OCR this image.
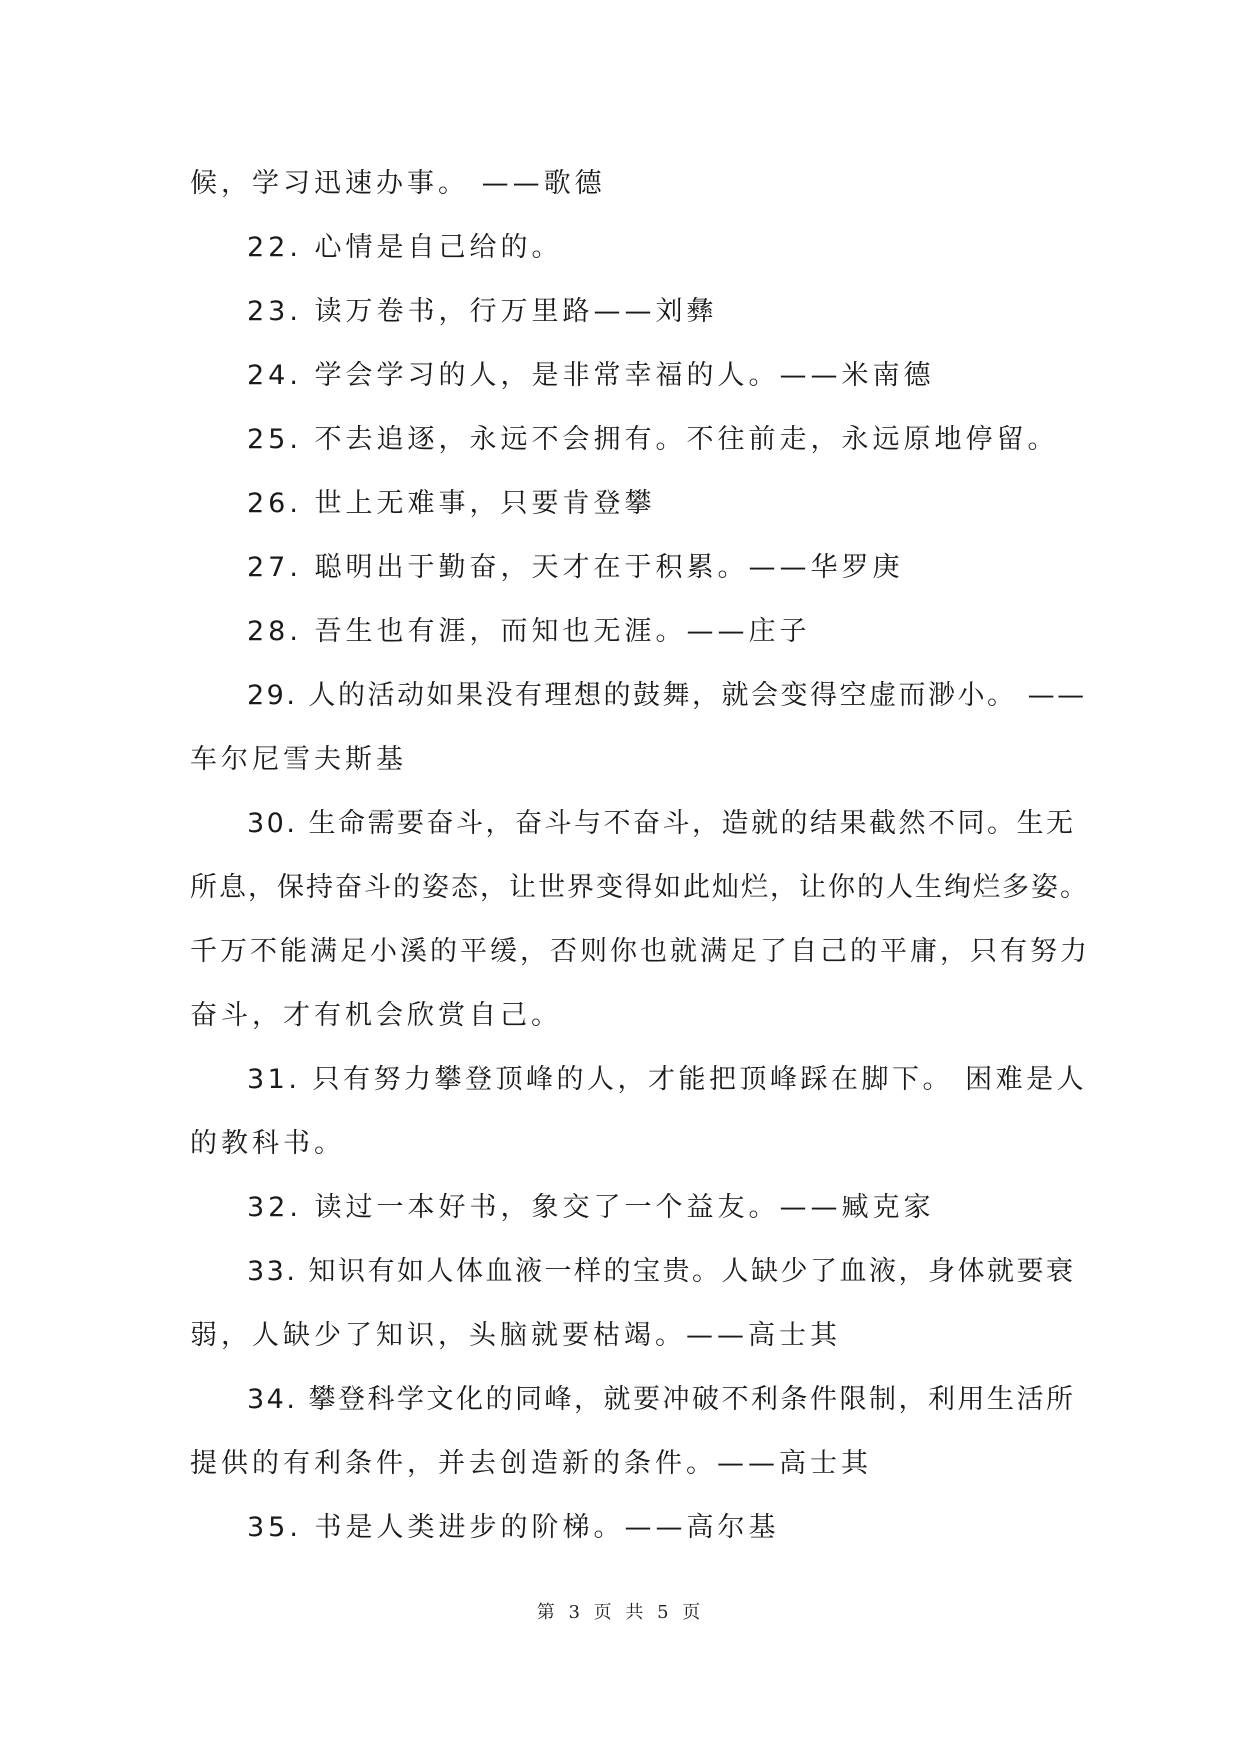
候，学习迅速办事。 ——歌德
22. 心情是自己给的。
23. 读万卷书，行万里路——刘彝
24. 学会学习的人，是非常幸福的人。——米南德
25. 不去追逐，永远不会拥有。不往前走，永远原地停留。
26. 世上无难事，只要肯登攀
27. 聪明出于勤奋，天才在于积累。——华罗庚
28. 吾生也有涯，而知也无涯。——庄子
29. 人的活动如果没有理想的鼓舞，就会变得空虚而渺小。 ——
车尔尼雪夫斯基
30. 生命需要奋斗，奋斗与不奋斗，造就的结果截然不同。生无
所息，保持奋斗的姿态，让世界变得如此灿烂，让你的人生绚烂多姿。
千万不能满足小溪的平缓，否则你也就满足了自己的平庸，只有努力
奋斗，才有机会欣赏自己。
31. 只有努力攀登顶峰的人，才能把顶峰踩在脚下。 困难是人
的教科书。
32. 读过一本好书，象交了一个益友。——臧克家
33. 知识有如人体血液一样的宝贵。人缺少了血液，身体就要衰
弱，人缺少了知识，头脑就要枯竭。——高士其
34. 攀登科学文化的同峰，就要冲破不利条件限制，利用生活所
提供的有利条件，并去创造新的条件。——高士其
35. 书是人类进步的阶梯。——高尔基
第 3 页 共 5 页
